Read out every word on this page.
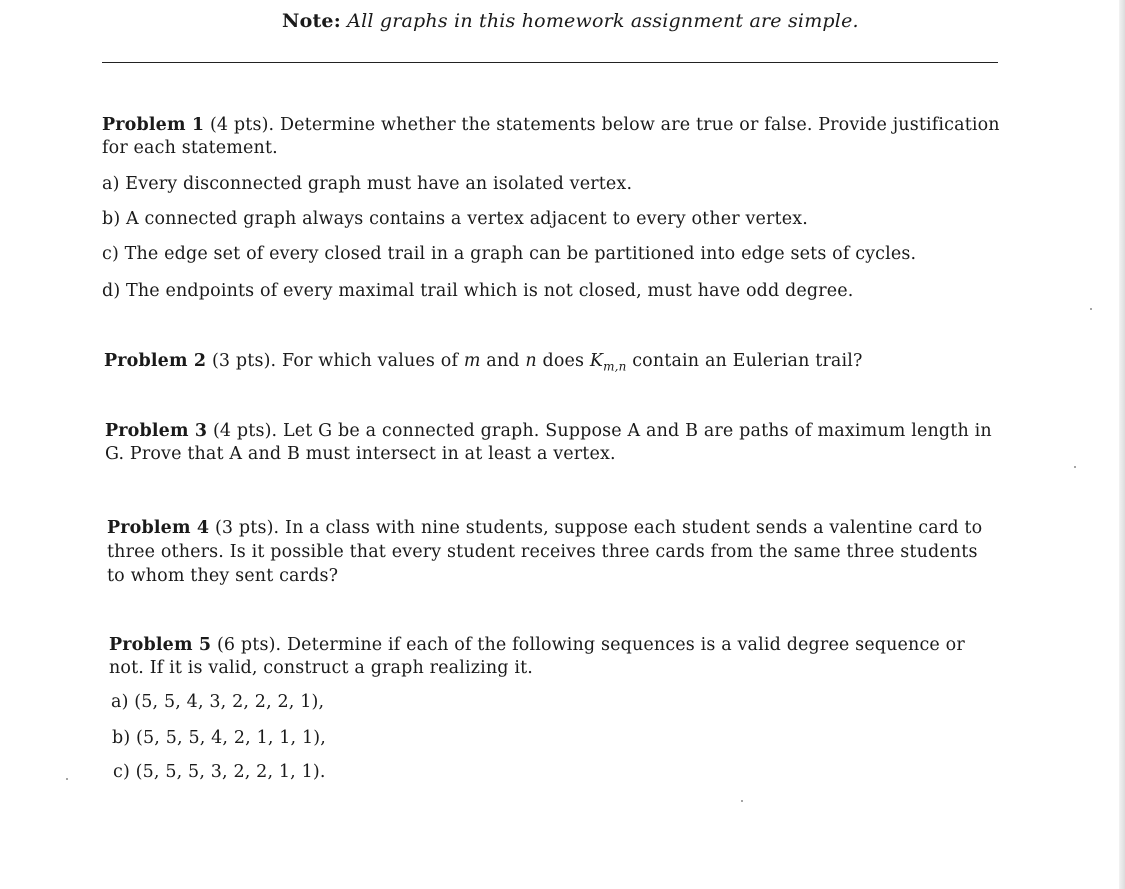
Note: All graphs in this homework assignment are simple.
Problem 1 (4 pts). Determine whether the statements below are true or false. Provide justification for each statement.
a) Every disconnected graph must have an isolated vertex.
b) A connected graph always contains a vertex adjacent to every other vertex.
c) The edge set of every closed trail in a graph can be partitioned into edge sets of cycles.
d) The endpoints of every maximal trail which is not closed, must have odd degree.
Problem 2 (3 pts). For which values of m and n does $K_{m,n}$ contain an Eulerian trail?
Problem 3 (4 pts). Let G be a connected graph. Suppose A and B are paths of maximum length in G. Prove that A and B must intersect in at least a vertex.
Problem 4 (3 pts). In a class with nine students, suppose each student sends a valentine card to three others. Is it possible that every student receives three cards from the same three students to whom they sent cards?
Problem 5 (6 pts). Determine if each of the following sequences is a valid degree sequence or not. If it is valid, construct a graph realizing it.
a) (5, 5, 4, 3, 2, 2, 2, 1),
b) (5, 5, 5, 4, 2, 1, 1, 1),
c) (5, 5, 5, 3, 2, 2, 1, 1).
